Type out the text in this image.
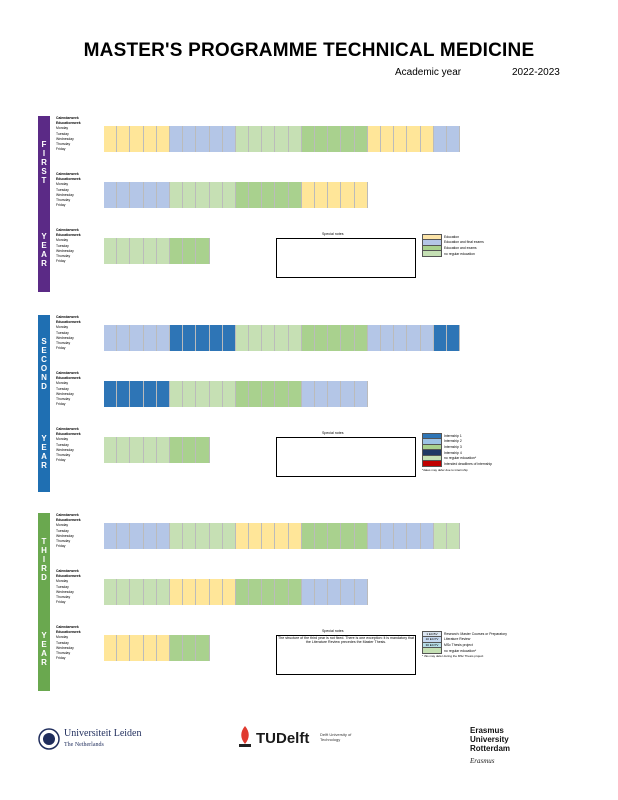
MASTER'S PROGRAMME TECHNICAL MEDICINE
Academic year	2022-2023
F
I
R
S
T
Y
E
A
R
Calendarweek
Educationweek
Monday
Tuesday
Wednesday
Thursday
Friday
Calendarweek
Educationweek
Monday
Tuesday
Wednesday
Thursday
Friday
Calendarweek
Educationweek
Monday
Tuesday
Wednesday
Thursday
Friday
Special notes
Education
Education and final exams
Education and exams
no regular education
S
E
C
O
N
D
Y
E
A
R
Calendarweek
Educationweek
Monday
Tuesday
Wednesday
Thursday
Friday
Calendarweek
Educationweek
Monday
Tuesday
Wednesday
Thursday
Friday
Calendarweek
Educationweek
Monday
Tuesday
Wednesday
Thursday
Friday
Special notes
Internship 1
Internship 2
Internship 3
Internship 4
no regular education*
Intended deadlines of internship
*dates may defer due to internship
T
H
I
R
D
Y
E
A
R
Calendarweek
Educationweek
Monday
Tuesday
Wednesday
Thursday
Friday
Calendarweek
Educationweek
Monday
Tuesday
Wednesday
Thursday
Friday
Calendarweek
Educationweek
Monday
Tuesday
Wednesday
Thursday
Friday
Special notes
The structure of the third year is not fixed. There is one exception: it is mandatory that the Literature Review precedes the Master Thesis.
1 EC/5V	Research: Master Courses or Preparatory
10 EC/7V	Literature Review
30 EC/7V	MSc Thesis project
no regular education*
* this may defer during the MSc Thesis project
Universiteit Leiden
The Netherlands	TUDelft	Delft University of Technology
Erasmus University Rotterdam
Erasmus
